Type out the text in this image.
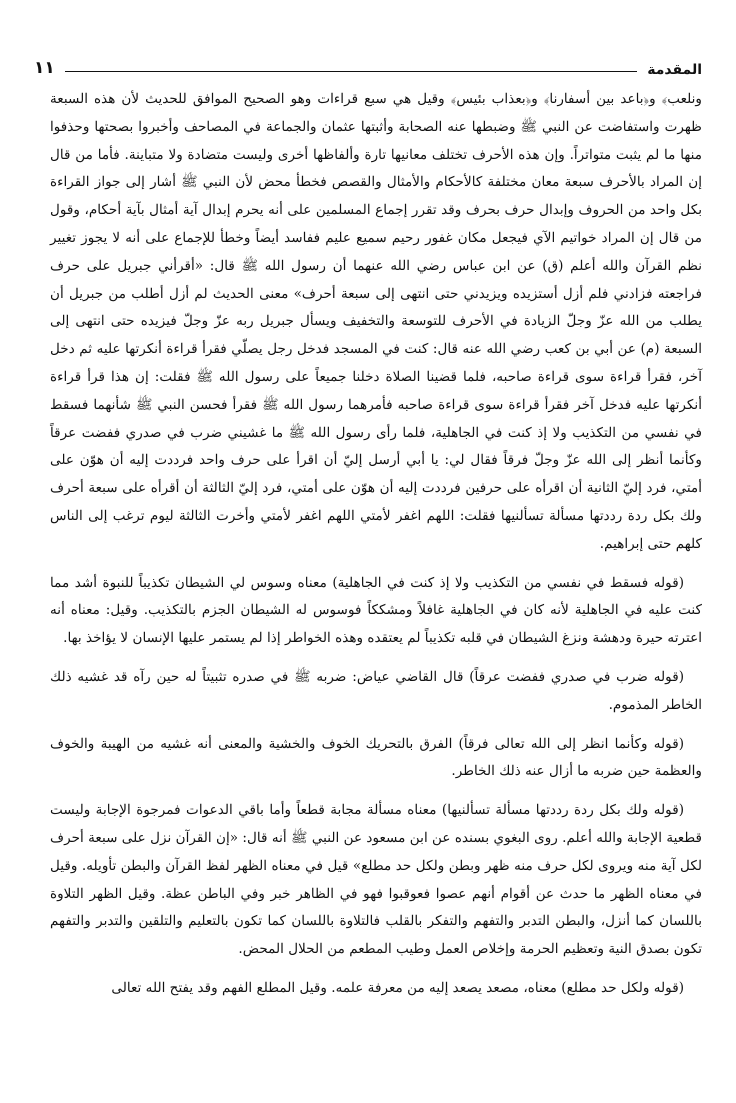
المقدمة
١١

ونلعب﴾ و﴿باعد بين أسفارنا﴾ و﴿بعذاب بئيس﴾ وقيل هي سبع قراءات وهو الصحيح الموافق للحديث لأن هذه السبعة ظهرت واستفاضت عن النبي ﷺ وضبطها عنه الصحابة وأثبتها عثمان والجماعة في المصاحف وأخبروا بصحتها وحذفوا منها ما لم يثبت متواتراً. وإن هذه الأحرف تختلف معانيها تارة وألفاظها أخرى وليست متضادة ولا متباينة. فأما من قال إن المراد بالأحرف سبعة معان مختلفة كالأحكام والأمثال والقصص فخطأ محض لأن النبي ﷺ أشار إلى جواز القراءة بكل واحد من الحروف وإبدال حرف بحرف وقد تقرر إجماع المسلمين على أنه يحرم إبدال آية أمثال بآية أحكام، وقول من قال إن المراد خواتيم الآي فيجعل مكان غفور رحيم سميع عليم ففاسد أيضاً وخطأ للإجماع على أنه لا يجوز تغيير نظم القرآن والله أعلم (ق) عن ابن عباس رضي الله عنهما أن رسول الله ﷺ قال: «أقرأني جبريل على حرف فراجعته فزادني فلم أزل أستزيده ويزيدني حتى انتهى إلى سبعة أحرف» معنى الحديث لم أزل أطلب من جبريل أن يطلب من الله عزّ وجلّ الزيادة في الأحرف للتوسعة والتخفيف ويسأل جبريل ربه عزّ وجلّ فيزيده حتى انتهى إلى السبعة (م) عن أبي بن كعب رضي الله عنه قال: كنت في المسجد فدخل رجل يصلّي فقرأ قراءة أنكرتها عليه ثم دخل آخر، فقرأ قراءة سوى قراءة صاحبه، فلما قضينا الصلاة دخلنا جميعاً على رسول الله ﷺ فقلت: إن هذا قرأ قراءة أنكرتها عليه فدخل آخر فقرأ قراءة سوى قراءة صاحبه فأمرهما رسول الله ﷺ فقرأ فحسن النبي ﷺ شأنهما فسقط في نفسي من التكذيب ولا إذ كنت في الجاهلية، فلما رأى رسول الله ﷺ ما غشيني ضرب في صدري ففضت عرقاً وكأنما أنظر إلى الله عزّ وجلّ فرقاً فقال لي: يا أبي أرسل إليّ أن اقرأ على حرف واحد فرددت إليه أن هوّن على أمتي، فرد إليّ الثانية أن اقرأه على حرفين فرددت إليه أن هوّن على أمتي، فرد إليّ الثالثة أن أقرأه على سبعة أحرف ولك بكل ردة رددتها مسألة تسألنيها فقلت: اللهم اغفر لأمتي اللهم اغفر لأمتي وأخرت الثالثة ليوم ترغب إلى الناس كلهم حتى إبراهيم.

(قوله فسقط في نفسي من التكذيب ولا إذ كنت في الجاهلية) معناه وسوس لي الشيطان تكذيباً للنبوة أشد مما كنت عليه في الجاهلية لأنه كان في الجاهلية غافلاً ومشككاً فوسوس له الشيطان الجزم بالتكذيب. وقيل: معناه أنه اعترته حيرة ودهشة ونزغ الشيطان في قلبه تكذيباً لم يعتقده وهذه الخواطر إذا لم يستمر عليها الإنسان لا يؤاخذ بها.

(قوله ضرب في صدري ففضت عرقاً) قال القاضي عياض: ضربه ﷺ في صدره تثبيتاً له حين رآه قد غشيه ذلك الخاطر المذموم.

(قوله وكأنما انظر إلى الله تعالى فرقاً) الفرق بالتحريك الخوف والخشية والمعنى أنه غشيه من الهيبة والخوف والعظمة حين ضربه ما أزال عنه ذلك الخاطر.

(قوله ولك بكل ردة رددتها مسألة تسألنيها) معناه مسألة مجابة قطعاً وأما باقي الدعوات فمرجوة الإجابة وليست قطعية الإجابة والله أعلم. روى البغوي بسنده عن ابن مسعود عن النبي ﷺ أنه قال: «إن القرآن نزل على سبعة أحرف لكل آية منه ويروى لكل حرف منه ظهر وبطن ولكل حد مطلع» قيل في معناه الظهر لفظ القرآن والبطن تأويله. وقيل في معناه الظهر ما حدث عن أقوام أنهم عصوا فعوقبوا فهو في الظاهر خبر وفي الباطن عظة. وقيل الظهر التلاوة باللسان كما أنزل، والبطن التدبر والتفهم والتفكر بالقلب فالتلاوة باللسان كما تكون بالتعليم والتلقين والتدبر والتفهم تكون بصدق النية وتعظيم الحرمة وإخلاص العمل وطيب المطعم من الحلال المحض.

(قوله ولكل حد مطلع) معناه، مصعد يصعد إليه من معرفة علمه. وقيل المطلع الفهم وقد يفتح الله تعالى
